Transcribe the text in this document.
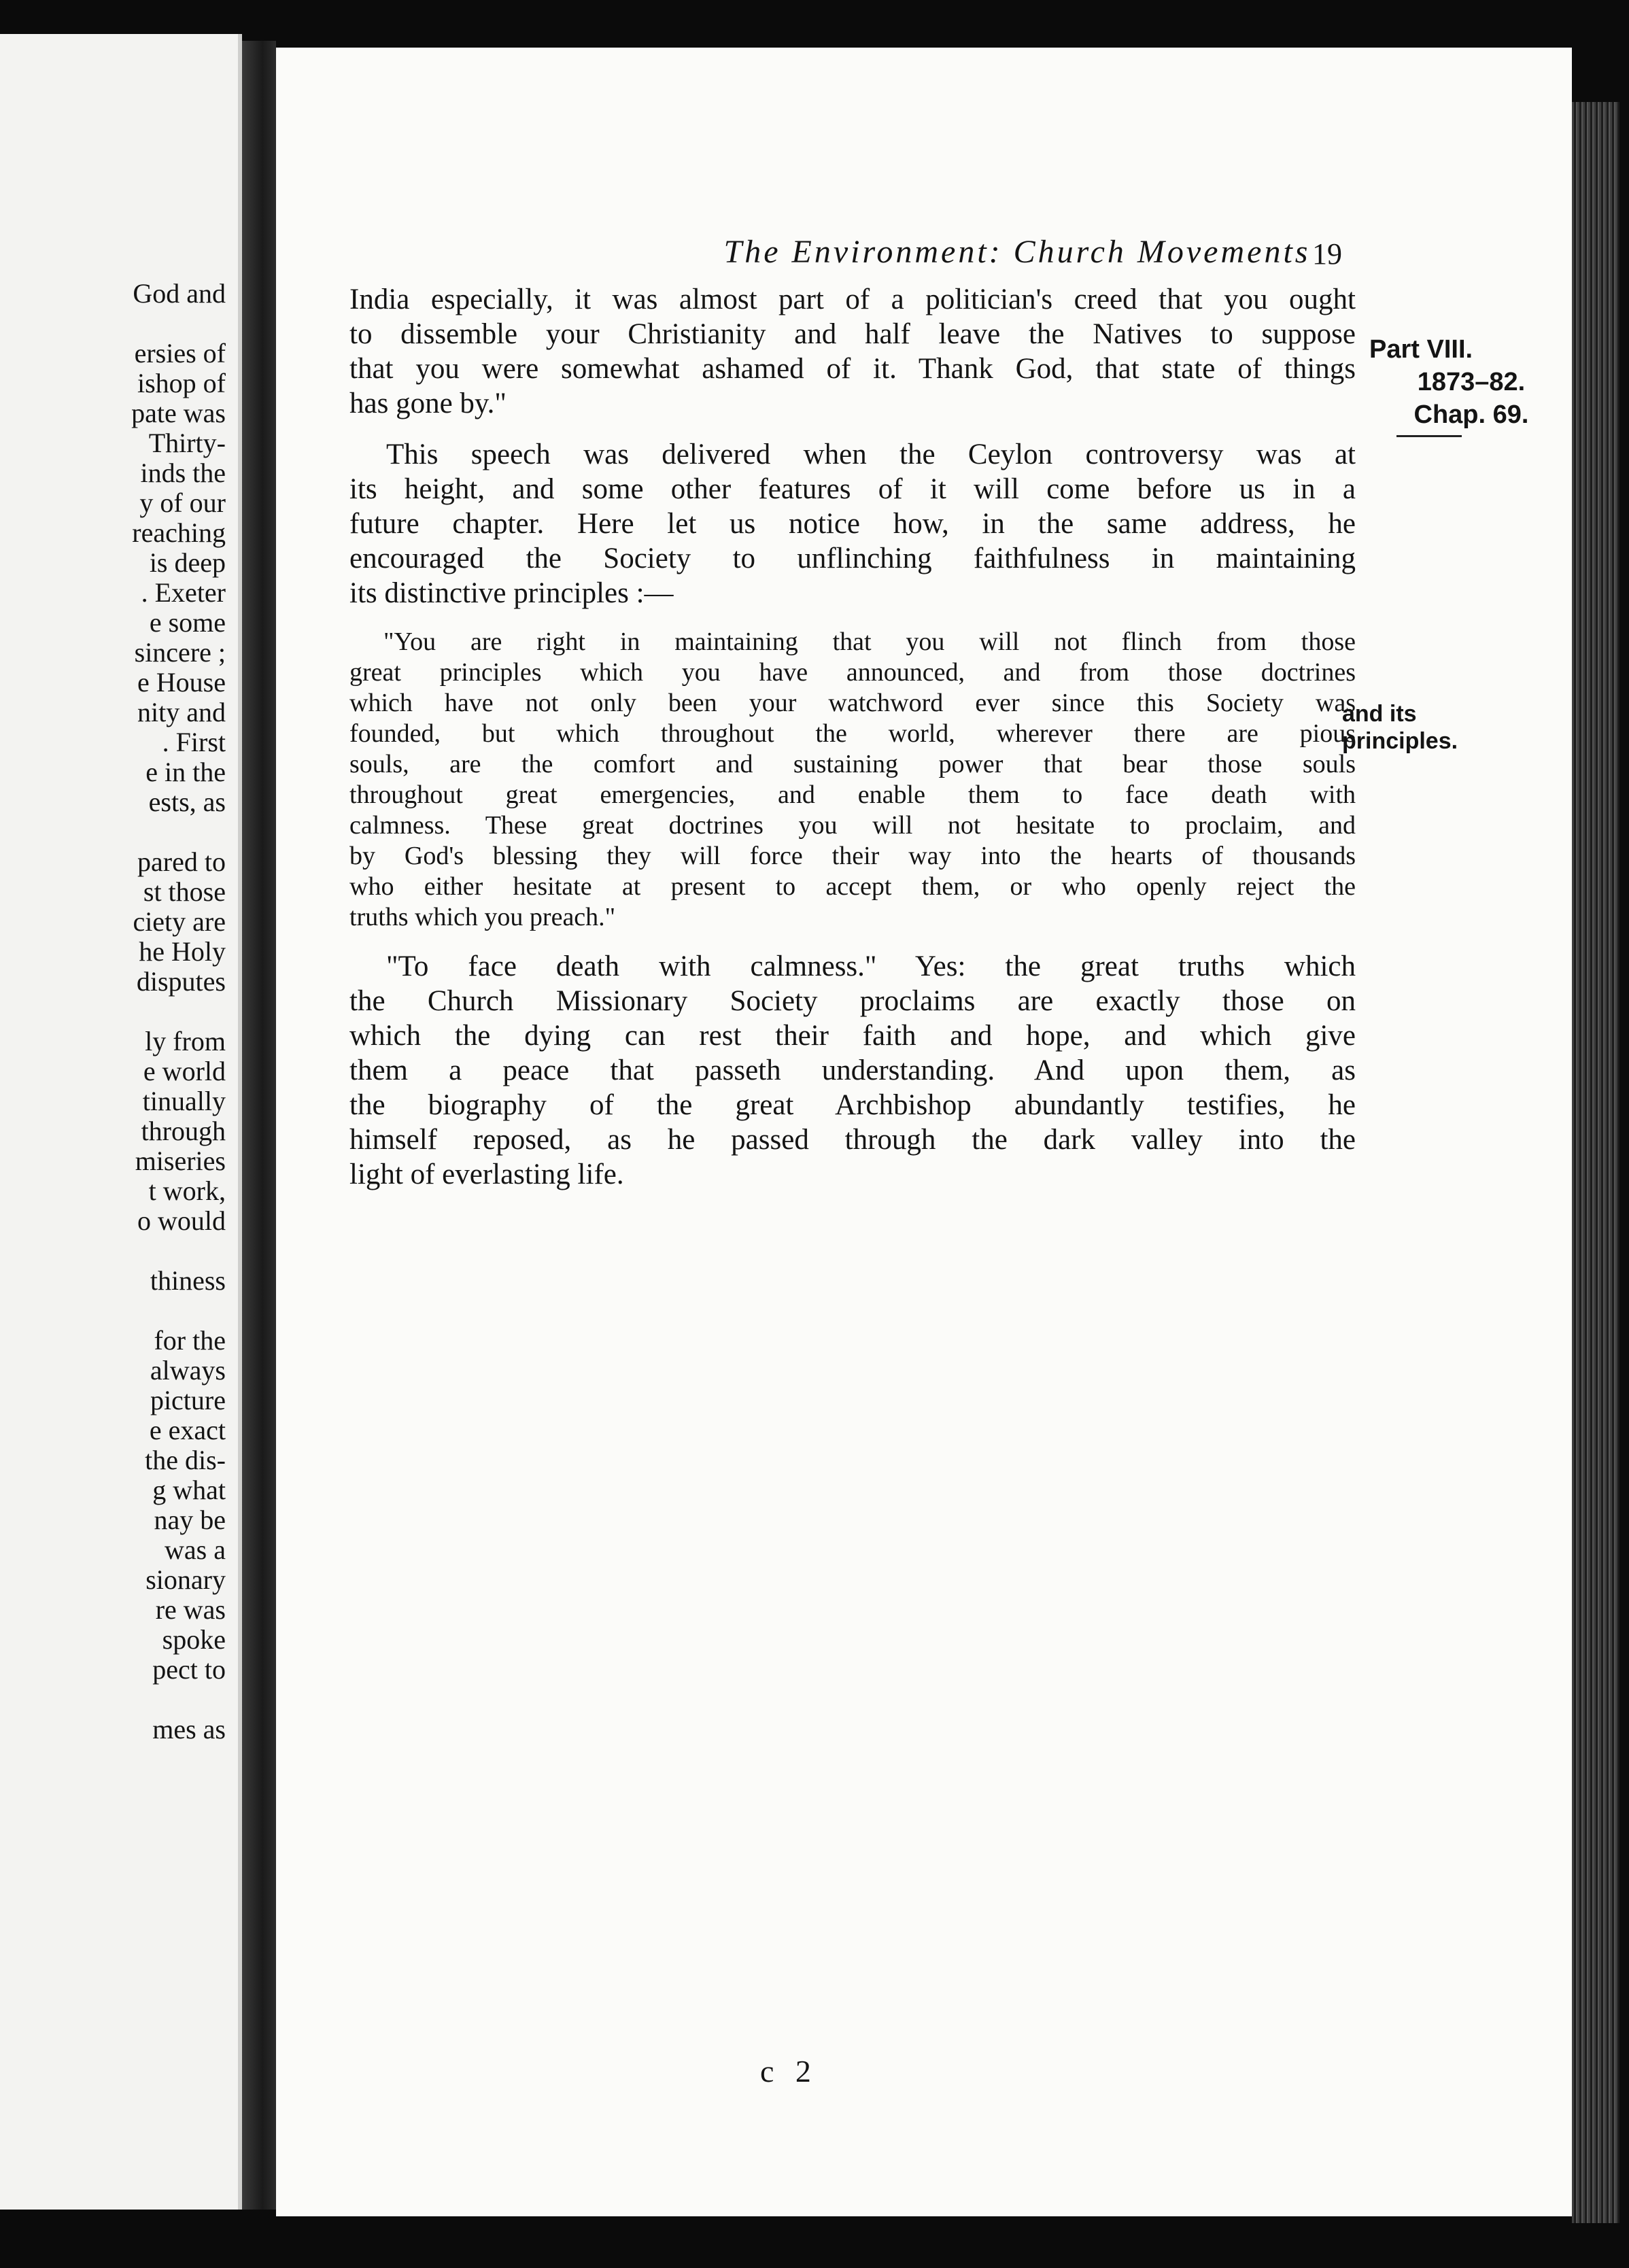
God and
ersies of
ishop of
pate was
Thirty-
inds the
y of our
reaching
is deep
. Exeter
e some
sincere ;
e House
nity and
. First
e in the
ests, as
pared to
st those
ciety are
he Holy
disputes
ly from
e world
tinually
through
miseries
t work,
o would
thiness
for the
always
picture
e exact
the dis-
g what
nay be
was a
sionary
re was
spoke
pect to
mes as
The Environment: Church Movements 19
Part VIII.
1873–82.
Chap. 69.
and its
principles.
India especially, it was almost part of a politician's creed that you ought
to dissemble your Christianity and half leave the Natives to suppose
that you were somewhat ashamed of it. Thank God, that state of things
has gone by."
This speech was delivered when the Ceylon controversy was at
its height, and some other features of it will come before us in a
future chapter. Here let us notice how, in the same address, he
encouraged the Society to unflinching faithfulness in maintaining
its distinctive principles :—
"You are right in maintaining that you will not flinch from those
great principles which you have announced, and from those doctrines
which have not only been your watchword ever since this Society was
founded, but which throughout the world, wherever there are pious
souls, are the comfort and sustaining power that bear those souls
throughout great emergencies, and enable them to face death with
calmness. These great doctrines you will not hesitate to proclaim, and
by God's blessing they will force their way into the hearts of thousands
who either hesitate at present to accept them, or who openly reject the
truths which you preach."
"To face death with calmness." Yes: the great truths which
the Church Missionary Society proclaims are exactly those on
which the dying can rest their faith and hope, and which give
them a peace that passeth understanding. And upon them, as
the biography of the great Archbishop abundantly testifies, he
himself reposed, as he passed through the dark valley into the
light of everlasting life.
c 2
